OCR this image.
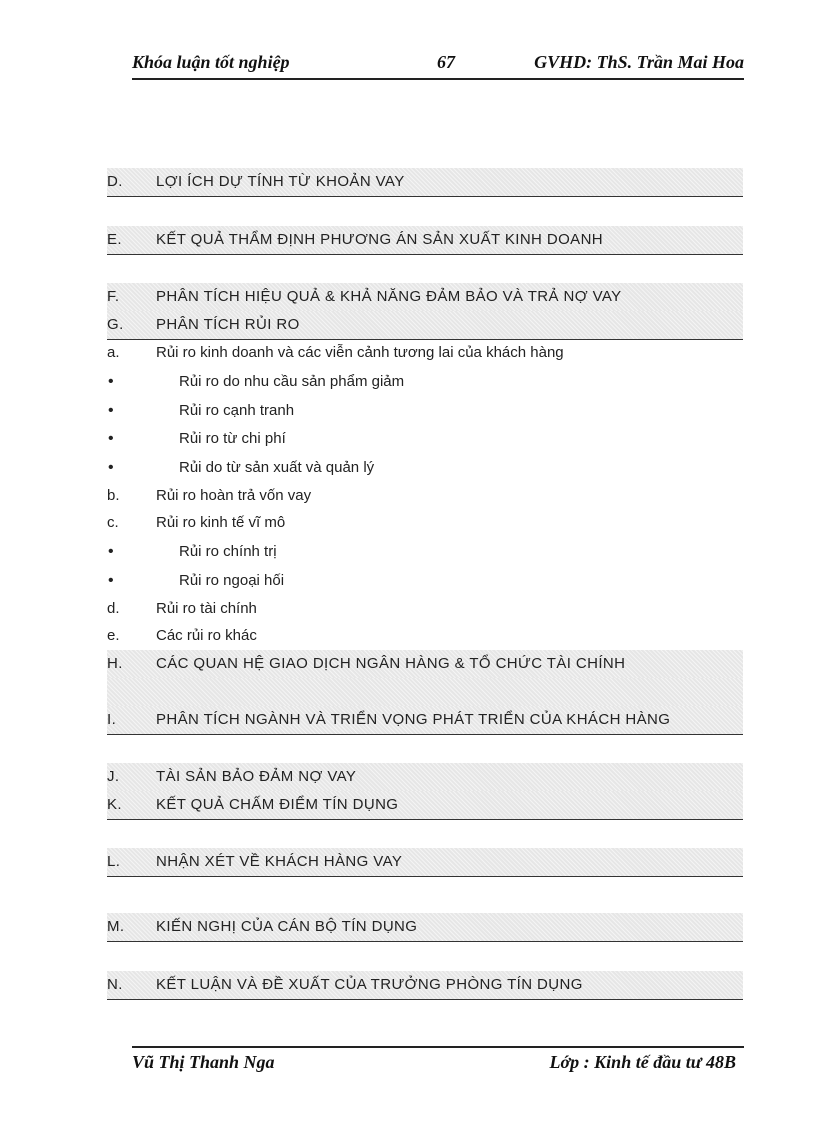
Khóa luận tốt nghiệp	67	GVHD: ThS. Trần Mai Hoa
D. LỢI ÍCH DỰ TÍNH TỪ KHOẢN VAY
E. KẾT QUẢ THẨM ĐỊNH PHƯƠNG ÁN SẢN XUẤT KINH DOANH
F. PHÂN TÍCH HIỆU QUẢ & KHẢ NĂNG ĐẢM BẢO VÀ TRẢ NỢ VAY
G. PHÂN TÍCH RỦI RO
a. Rủi ro kinh doanh và các viễn cảnh tương lai của khách hàng
•	Rủi ro do nhu cầu sản phẩm giảm
•	Rủi ro cạnh tranh
•	Rủi ro từ chi phí
•	Rủi do từ sản xuất và quản lý
b. Rủi ro hoàn trả vốn vay
c. Rủi ro kinh tế vĩ mô
•	Rủi ro chính trị
•	Rủi ro ngoại hối
d. Rủi ro tài chính
e. Các rủi ro khác
H. CÁC QUAN HỆ GIAO DỊCH NGÂN HÀNG & TỔ CHỨC TÀI CHÍNH
I.	PHÂN TÍCH NGÀNH VÀ TRIỂN VỌNG PHÁT TRIỂN CỦA KHÁCH HÀNG
J. TÀI SẢN BẢO ĐẢM NỢ VAY
K. KẾT QUẢ CHẤM ĐIỂM TÍN DỤNG
L. NHẬN XÉT VỀ KHÁCH HÀNG VAY
M. KIẾN NGHỊ CỦA CÁN BỘ TÍN DỤNG
N. KẾT LUẬN VÀ ĐỀ XUẤT CỦA TRƯỞNG PHÒNG TÍN DỤNG
Vũ Thị Thanh Nga	Lớp : Kinh tế đầu tư 48B
